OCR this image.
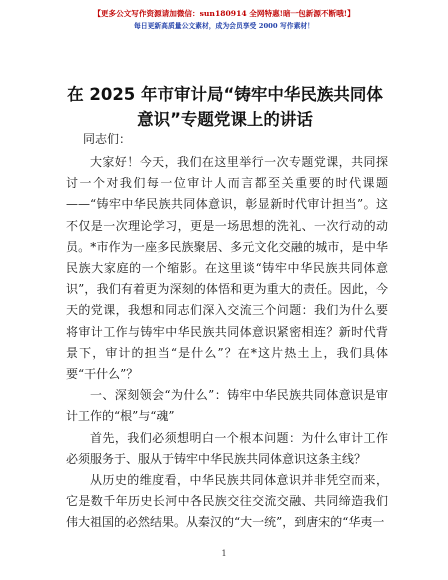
【更多公文写作资源请加微信：sun180914 全网特惠!暗一包新源不断哦!】
每日更新高质量公文素材，成为会员享受 2000 写作素材！
在 2025 年市审计局“铸牢中华民族共同体意识”专题党课上的讲话
同志们：

大家好！今天，我们在这里举行一次专题党课，共同探讨一个对我们每一位审计人而言都至关重要的时代课题——“铸牢中华民族共同体意识，彰显新时代审计担当”。这不仅是一次理论学习，更是一场思想的洗礼、一次行动的动员。*市作为一座多民族聚居、多元文化交融的城市，是中华民族大家庭的一个缩影。在这里谈“铸牢中华民族共同体意识”，我们有着更为深刻的体悟和更为重大的责任。因此，今天的党课，我想和同志们深入交流三个问题：我们为什么要将审计工作与铸牢中华民族共同体意识紧密相连？新时代背景下，审计的担当“是什么”？在*这片热土上，我们具体要“干什么”？

一、深刻领会“为什么”：铸牢中华民族共同体意识是审计工作的“根”与“魂”

首先，我们必须想明白一个根本问题：为什么审计工作必须服务于、服从于铸牢中华民族共同体意识这条主线？

从历史的维度看，中华民族共同体意识并非凭空而来，它是数千年历史长河中各民族交往交流交融、共同缔造我们伟大祖国的必然结果。从秦汉的“大一统”，到唐宋的“华夷一

1
